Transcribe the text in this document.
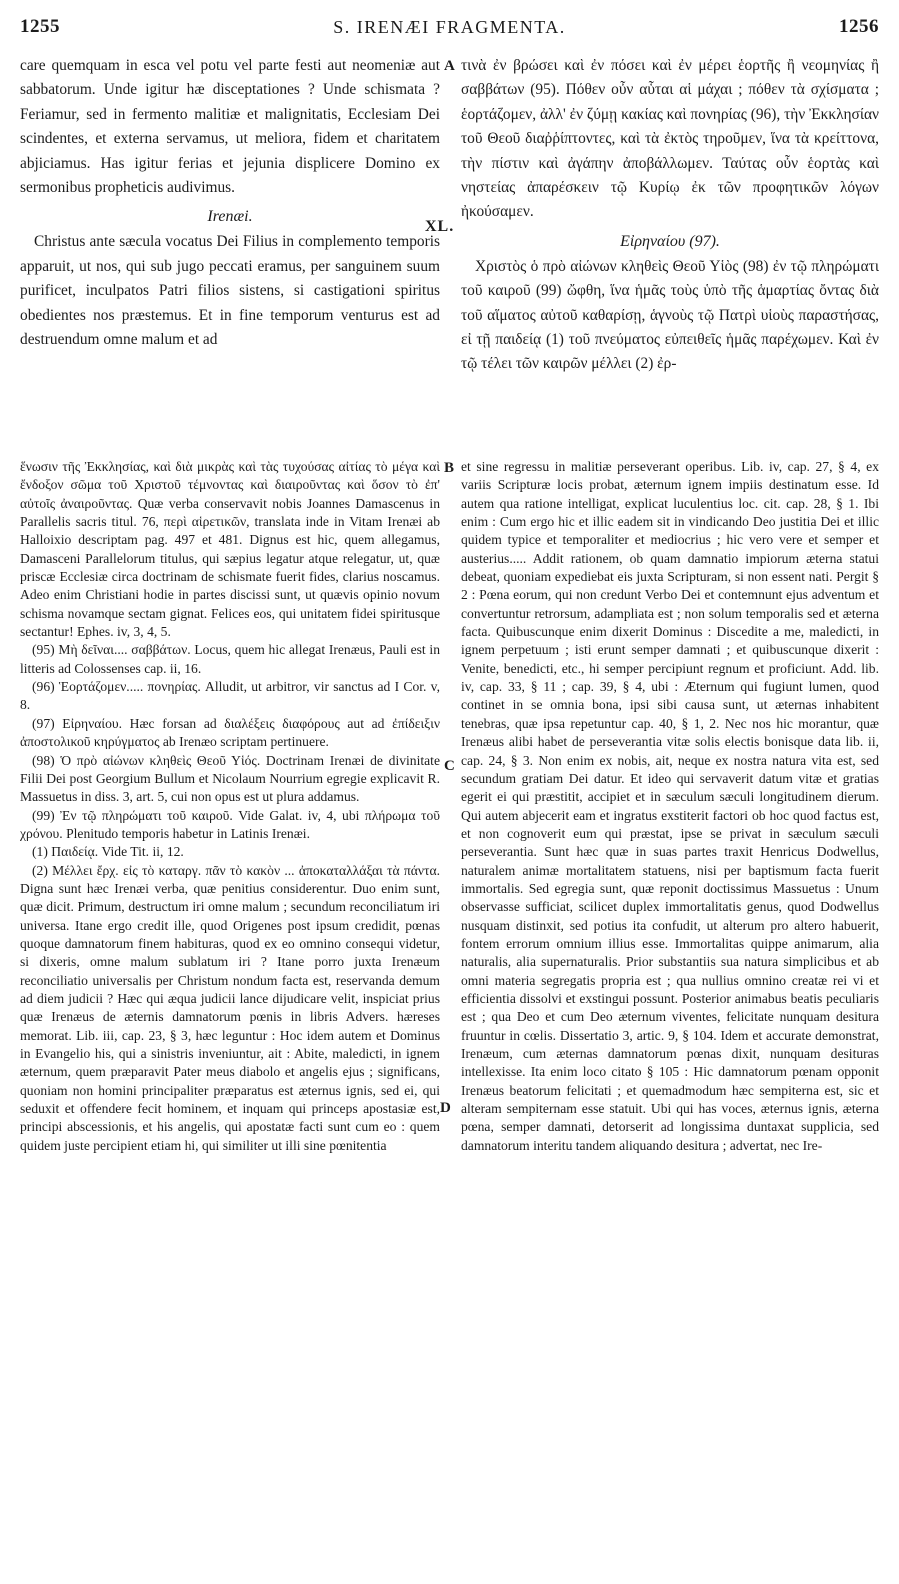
1255	S. IRENÆI FRAGMENTA.	1256

care quemquam in esca vel potu vel parte festi aut neomeniæ aut sabbatorum. Unde igitur hæ disceptationes ? Unde schismata ? Feriamur, sed in fermento malitiæ et malignitatis, Ecclesiam Dei scindentes, et externa servamus, ut meliora, fidem et charitatem abjiciamus. Has igitur ferias et jejunia displicere Domino ex sermonibus propheticis audivimus.

Irenæi.

Christus ante sæcula vocatus Dei Filius in complemento temporis apparuit, ut nos, qui sub jugo peccati eramus, per sanguinem suum purificet, inculpatos Patri filios sistens, si castigationi spiritus obedientes nos præstemus. Et in fine temporum venturus est ad destruendum omne malum et ad

τινὰ ἐν βρώσει καὶ ἐν πόσει καὶ ἐν μέρει ἑορτῆς ἢ νεομηνίας ἢ σαββάτων (95). Πόθεν οὖν αὗται αἱ μάχαι ; πόθεν τὰ σχίσματα ; ἑορτάζομεν, ἀλλ' ἐν ζύμῃ κακίας καὶ πονηρίας (96), τὴν Ἐκκλησίαν τοῦ Θεοῦ διαῤῥίπτοντες, καὶ τὰ ἐκτὸς τηροῦμεν, ἵνα τὰ κρείττονα, τὴν πίστιν καὶ ἀγάπην ἀποβάλλωμεν. Ταύτας οὖν ἑορτὰς καὶ νηστείας ἀπαρέσκειν τῷ Κυρίῳ ἐκ τῶν προφητικῶν λόγων ἠκούσαμεν.

Εἰρηναίου (97).

Χριστὸς ὁ πρὸ αἰώνων κληθεὶς Θεοῦ Υἱὸς (98) ἐν τῷ πληρώματι τοῦ καιροῦ (99) ὤφθη, ἵνα ἡμᾶς τοὺς ὑπὸ τῆς ἁμαρτίας ὄντας διὰ τοῦ αἵματος αὐτοῦ καθαρίσῃ, ἁγνοὺς τῷ Πατρὶ υἱοὺς παραστήσας, εἰ τῇ παιδείᾳ (1) τοῦ πνεύματος εὐπειθεῖς ἡμᾶς παρέχωμεν. Καὶ ἐν τῷ τέλει τῶν καιρῶν μέλλει (2) ἐρ-

A
XL.
B
C
D

ἕνωσιν τῆς Ἐκκλησίας, καὶ διὰ μικρὰς καὶ τὰς τυχούσας αἰτίας τὸ μέγα καὶ ἔνδοξον σῶμα τοῦ Χριστοῦ τέμνοντας καὶ διαιροῦντας καὶ ὅσον τὸ ἐπ' αὐτοῖς ἀναιροῦντας. Quæ verba conservavit nobis Joannes Damascenus in Parallelis sacris titul. 76, περὶ αἱρετικῶν, translata inde in Vitam Irenæi ab Halloixio descriptam pag. 497 et 481. Dignus est hic, quem allegamus, Damasceni Parallelorum titulus, qui sæpius legatur atque relegatur, ut, quæ priscæ Ecclesiæ circa doctrinam de schismate fuerit fides, clarius noscamus. Adeo enim Christiani hodie in partes discissi sunt, ut quævis opinio novum schisma novamque sectam gignat. Felices eos, qui unitatem fidei spiritusque sectantur! Ephes. iv, 3, 4, 5.

(95) Μὴ δεῖναι.... σαββάτων. Locus, quem hic allegat Irenæus, Pauli est in litteris ad Colossenses cap. ii, 16.

(96) Ἑορτάζομεν..... πονηρίας. Alludit, ut arbitror, vir sanctus ad I Cor. v, 8.

(97) Εἰρηναίου. Hæc forsan ad διαλέξεις διαφόρους aut ad ἐπίδειξιν ἀποστολικοῦ κηρύγματος ab Irenæo scriptam pertinuere.

(98) Ὁ πρὸ αἰώνων κληθεὶς Θεοῦ Υἱός. Doctrinam Irenæi de divinitate Filii Dei post Georgium Bullum et Nicolaum Nourrium egregie explicavit R. Massuetus in diss. 3, art. 5, cui non opus est ut plura addamus.

(99) Ἐν τῷ πληρώματι τοῦ καιροῦ. Vide Galat. iv, 4, ubi πλήρωμα τοῦ χρόνου. Plenitudo temporis habetur in Latinis Irenæi.

(1) Παιδείᾳ. Vide Tit. ii, 12.

(2) Μέλλει ἔρχ. εἰς τὸ καταργ. πᾶν τὸ κακὸν ... ἀποκαταλλάξαι τὰ πάντα. Digna sunt hæc Irenæi verba, quæ penitius considerentur. Duo enim sunt, quæ dicit. Primum, destructum iri omne malum ; secundum reconciliatum iri universa. Itane ergo credit ille, quod Origenes post ipsum credidit, pœnas quoque damnatorum finem habituras, quod ex eo omnino consequi videtur, si dixeris, omne malum sublatum iri ? Itane porro juxta Irenæum reconciliatio universalis per Christum nondum facta est, reservanda demum ad diem judicii ? Hæc qui æqua judicii lance dijudicare velit, inspiciat prius quæ Irenæus de æternis damnatorum pœnis in libris Advers. hæreses memorat. Lib. iii, cap. 23, § 3, hæc leguntur : Hoc idem autem et Dominus in Evangelio his, qui a sinistris inveniuntur, ait : Abite, maledicti, in ignem æternum, quem præparavit Pater meus diabolo et angelis ejus ; significans, quoniam non homini principaliter præparatus est æternus ignis, sed ei, qui seduxit et offendere fecit hominem, et inquam qui princeps apostasiæ est, principi abscessionis, et his angelis, qui apostatæ facti sunt cum eo : quem quidem juste percipient etiam hi, qui similiter ut illi sine pœnitentia

et sine regressu in malitiæ perseverant operibus. Lib. iv, cap. 27, § 4, ex variis Scripturæ locis probat, æternum ignem impiis destinatum esse. Id autem qua ratione intelligat, explicat luculentius loc. cit. cap. 28, § 1. Ibi enim : Cum ergo hic et illic eadem sit in vindicando Deo justitia Dei et illic quidem typice et temporaliter et mediocrius ; hic vero vere et semper et austerius..... Addit rationem, ob quam damnatio impiorum æterna statui debeat, quoniam expediebat eis juxta Scripturam, si non essent nati. Pergit § 2 : Pœna eorum, qui non credunt Verbo Dei et contemnunt ejus adventum et convertuntur retrorsum, adampliata est ; non solum temporalis sed et æterna facta. Quibuscunque enim dixerit Dominus : Discedite a me, maledicti, in ignem perpetuum ; isti erunt semper damnati ; et quibuscunque dixerit : Venite, benedicti, etc., hi semper percipiunt regnum et proficiunt. Add. lib. iv, cap. 33, § 11 ; cap. 39, § 4, ubi : Æternum qui fugiunt lumen, quod continet in se omnia bona, ipsi sibi causa sunt, ut æternas inhabitent tenebras, quæ ipsa repetuntur cap. 40, § 1, 2. Nec nos hic morantur, quæ Irenæus alibi habet de perseverantia vitæ solis electis bonisque data lib. ii, cap. 24, § 3. Non enim ex nobis, ait, neque ex nostra natura vita est, sed secundum gratiam Dei datur. Et ideo qui servaverit datum vitæ et gratias egerit ei qui præstitit, accipiet et in sæculum sæculi longitudinem dierum. Qui autem abjecerit eam et ingratus exstiterit factori ob hoc quod factus est, et non cognoverit eum qui præstat, ipse se privat in sæculum sæculi perseverantia. Sunt hæc quæ in suas partes traxit Henricus Dodwellus, naturalem animæ mortalitatem statuens, nisi per baptismum facta fuerit immortalis. Sed egregia sunt, quæ reponit doctissimus Massuetus : Unum observasse sufficiat, scilicet duplex immortalitatis genus, quod Dodwellus nusquam distinxit, sed potius ita confudit, ut alterum pro altero habuerit, fontem errorum omnium illius esse. Immortalitas quippe animarum, alia naturalis, alia supernaturalis. Prior substantiis sua natura simplicibus et ab omni materia segregatis propria est ; qua nullius omnino creatæ rei vi et efficientia dissolvi et exstingui possunt. Posterior animabus beatis peculiaris est ; qua Deo et cum Deo æternum viventes, felicitate nunquam desitura fruuntur in cœlis. Dissertatio 3, artic. 9, § 104. Idem et accurate demonstrat, Irenæum, cum æternas damnatorum pœnas dixit, nunquam desituras intellexisse. Ita enim loco citato § 105 : Hic damnatorum pœnam opponit Irenæus beatorum felicitati ; et quemadmodum hæc sempiterna est, sic et alteram sempiternam esse statuit. Ubi qui has voces, æternus ignis, æterna pœna, semper damnati, detorserit ad longissima duntaxat supplicia, sed damnatorum interitu tandem aliquando desitura ; advertat, nec Ire-
